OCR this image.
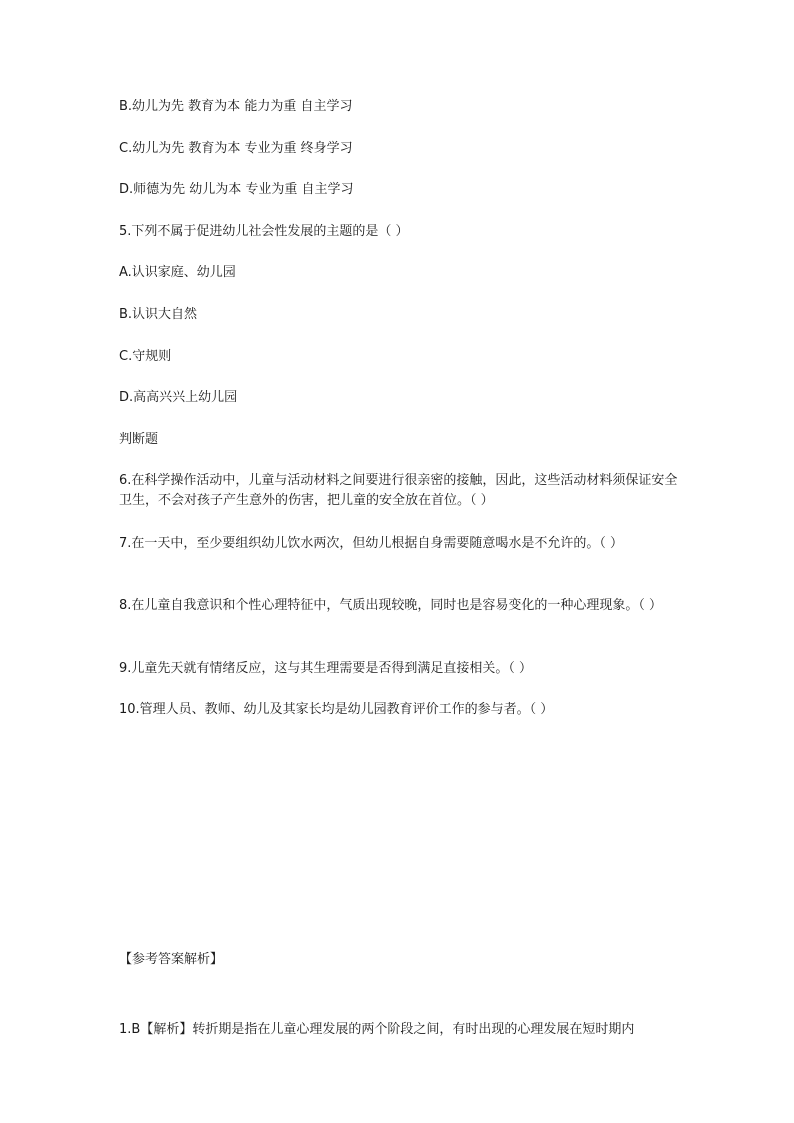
B.幼儿为先 教育为本 能力为重 自主学习
C.幼儿为先 教育为本 专业为重 终身学习
D.师德为先 幼儿为本 专业为重 自主学习
5.下列不属于促进幼儿社会性发展的主题的是（ ）
A.认识家庭、幼儿园
B.认识大自然
C.守规则
D.高高兴兴上幼儿园
判断题
6.在科学操作活动中，儿童与活动材料之间要进行很亲密的接触，因此，这些活动材料须保证安全卫生，不会对孩子产生意外的伤害，把儿童的安全放在首位。（ ）
7.在一天中，至少要组织幼儿饮水两次，但幼儿根据自身需要随意喝水是不允许的。（ ）
8.在儿童自我意识和个性心理特征中，气质出现较晚，同时也是容易变化的一种心理现象。（ ）
9.儿童先天就有情绪反应，这与其生理需要是否得到满足直接相关。（ ）
10.管理人员、教师、幼儿及其家长均是幼儿园教育评价工作的参与者。（ ）
【参考答案解析】
1.B【解析】转折期是指在儿童心理发展的两个阶段之间，有时出现的心理发展在短时期内
